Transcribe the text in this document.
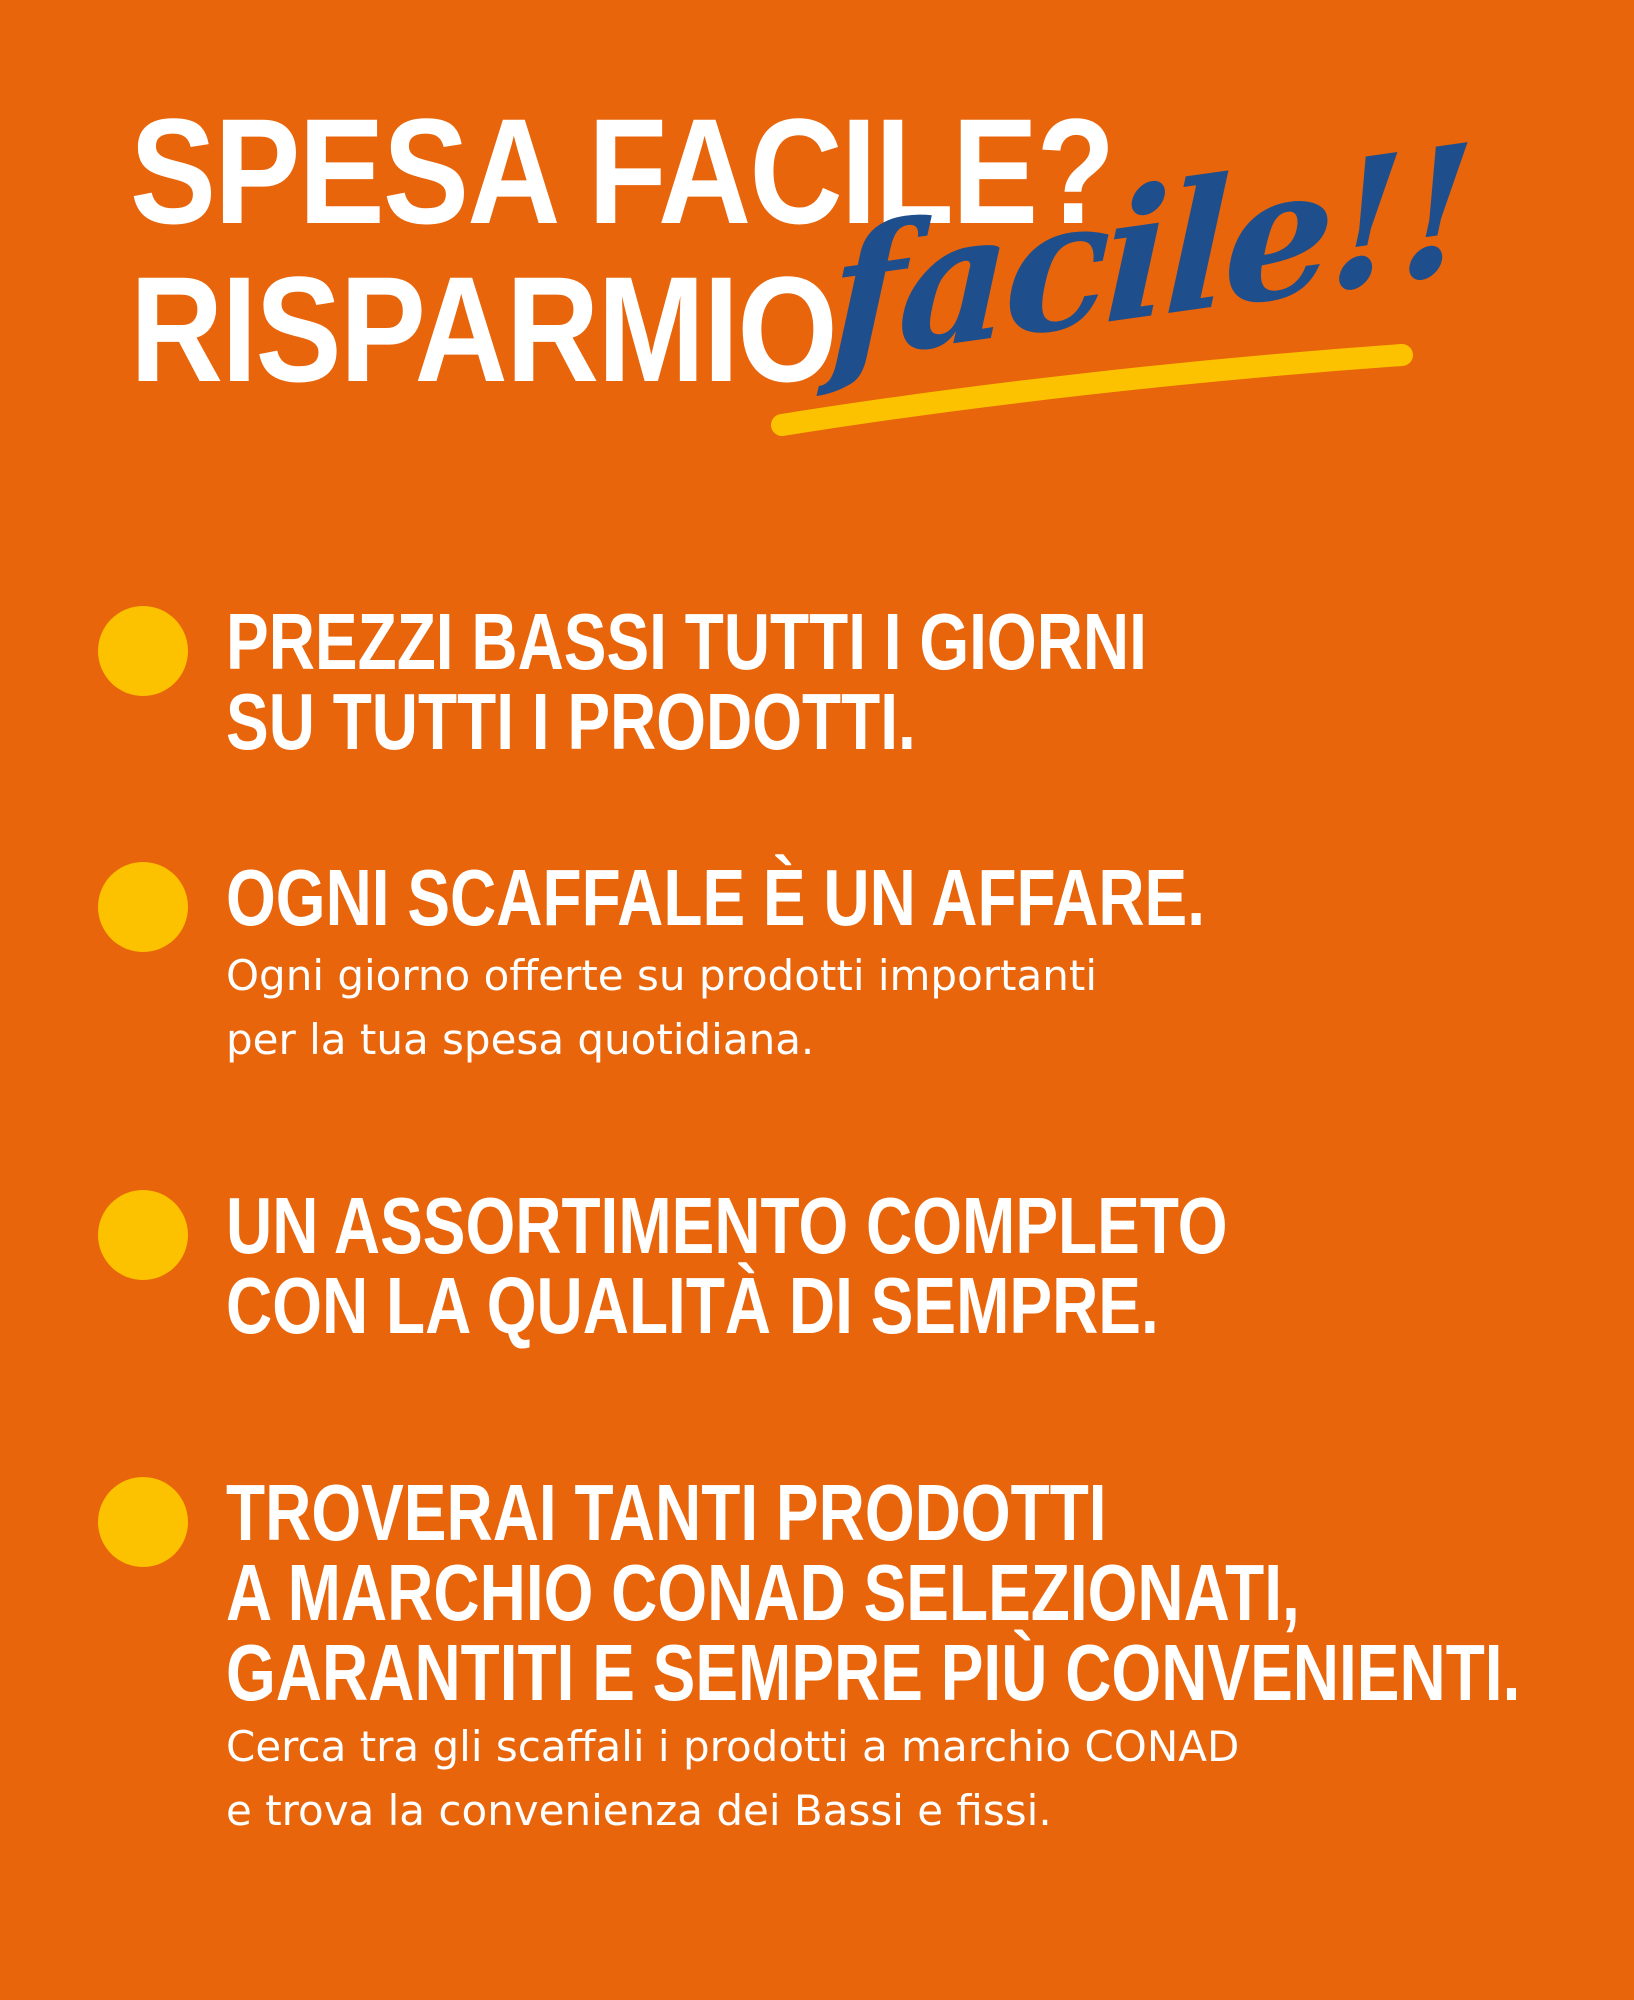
SPESA FACILE?
RISPARMIO
facile!!
PREZZI BASSI TUTTI I GIORNI
SU TUTTI I PRODOTTI.
OGNI SCAFFALE È UN AFFARE.

Ogni giorno offerte su prodotti importanti
per la tua spesa quotidiana.

UN ASSORTIMENTO COMPLETO
CON LA QUALITÀ DI SEMPRE.
TROVERAI TANTI PRODOTTI
A MARCHIO CONAD SELEZIONATI,
GARANTITI E SEMPRE PIÙ CONVENIENTI.

Cerca tra gli scaffali i prodotti a marchio CONAD
e trova la convenienza dei Bassi e fissi.
